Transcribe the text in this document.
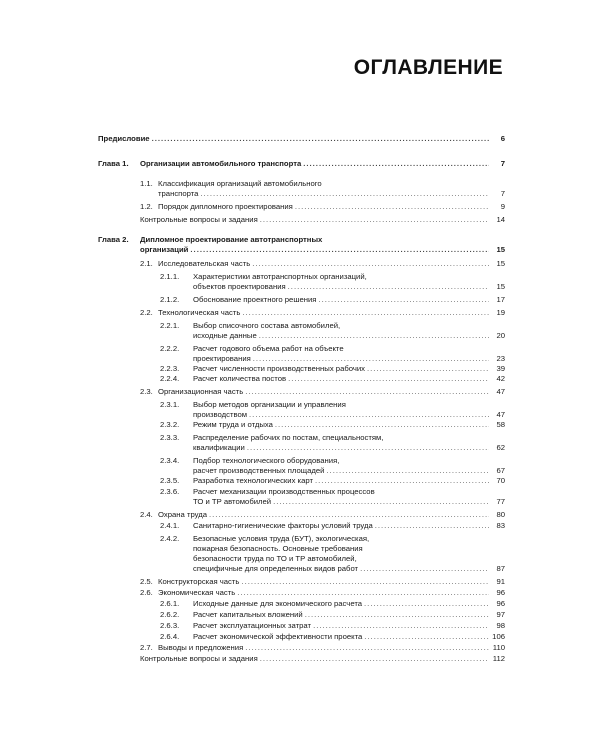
ОГЛАВЛЕНИЕ
Предисловие .....	6
Глава 1. Организации автомобильного транспорта .....	7
1.1. Классификация организаций автомобильного
транспорта .....	7
1.2. Порядок дипломного проектирования .....	9
Контрольные вопросы и задания .....	14
Глава 2. Дипломное проектирование автотранспортных
организаций .....	15
2.1. Исследовательская часть .....	15
2.1.1. Характеристики автотранспортных организаций,
объектов проектирования .....	15
2.1.2. Обоснование проектного решения .....	17
2.2. Технологическая часть .....	19
2.2.1. Выбор списочного состава автомобилей,
исходные данные .....	20
2.2.2. Расчет годового объема работ на объекте
проектирования .....	23
2.2.3. Расчет численности производственных рабочих .....	39
2.2.4. Расчет количества постов .....	42
2.3. Организационная часть .....	47
2.3.1. Выбор методов организации и управления
производством .....	47
2.3.2. Режим труда и отдыха .....	58
2.3.3. Распределение рабочих по постам, специальностям,
квалификации .....	62
2.3.4. Подбор технологического оборудования,
расчет производственных площадей .....	67
2.3.5. Разработка технологических карт .....	70
2.3.6. Расчет механизации производственных процессов
ТО и ТР автомобилей .....	77
2.4. Охрана труда .....	80
2.4.1. Санитарно-гигиенические факторы условий труда .....	83
2.4.2. Безопасные условия труда (БУТ), экологическая,
пожарная безопасность. Основные требования
безопасности труда по ТО и ТР автомобилей,
специфичные для определенных видов работ .....	87
2.5. Конструкторская часть .....	91
2.6. Экономическая часть .....	96
2.6.1. Исходные данные для экономического расчета .....	96
2.6.2. Расчет капитальных вложений .....	97
2.6.3. Расчет эксплуатационных затрат .....	98
2.6.4. Расчет экономической эффективности проекта .....	106
2.7. Выводы и предложения .....	110
Контрольные вопросы и задания .....	112
